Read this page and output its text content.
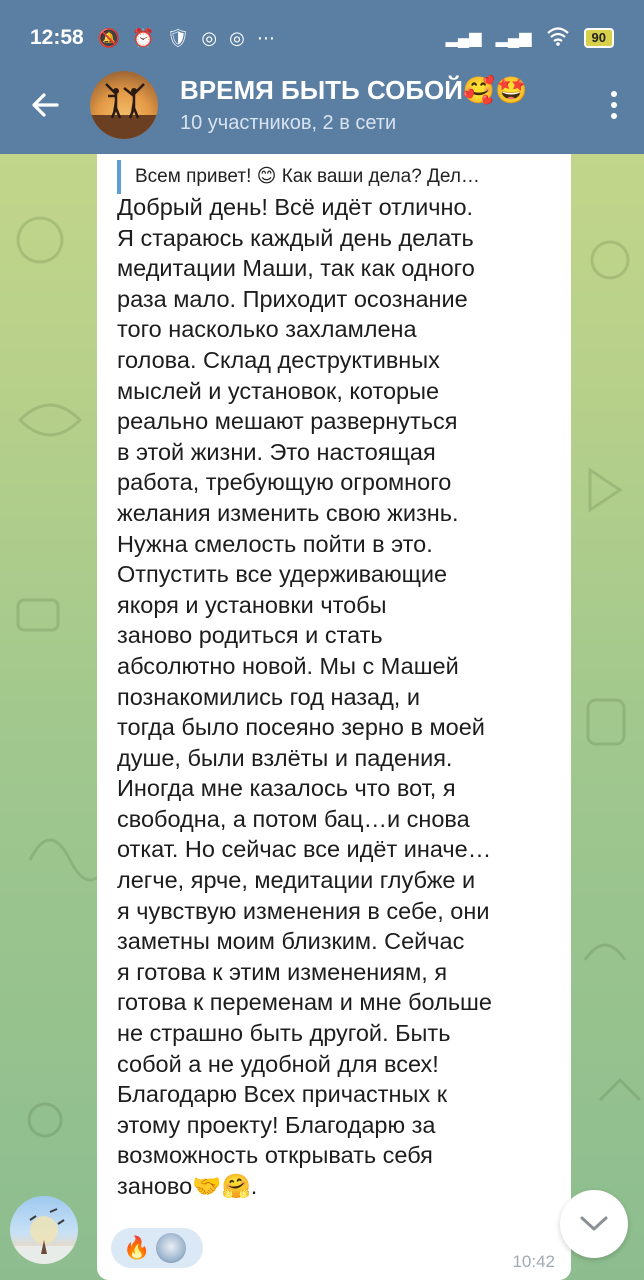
12:58 🔕 ⏰ 🛡 ◎ ◎ ⋯	▂▄▆ ▂▄▆	90
ВРЕМЯ БЫТЬ СОБОЙ🥰🤩
10 участников, 2 в сети
Всем привет! 😊 Как ваши дела? Дел…
Добрый день! Всё идёт отлично.
Я стараюсь каждый день делать
медитации Маши, так как одного
раза мало. Приходит осознание
того насколько захламлена
голова. Склад деструктивных
мыслей и установок, которые
реально мешают развернуться
в этой жизни. Это настоящая
работа, требующую огромного
желания изменить свою жизнь.
Нужна смелость пойти в это.
Отпустить все удерживающие
якоря и установки чтобы
заново родиться и стать
абсолютно новой. Мы с Машей
познакомились год назад, и
тогда было посеяно зерно в моей
душе, были взлёты и падения.
Иногда мне казалось что вот, я
свободна, а потом бац…и снова
откат. Но сейчас все идёт иначе…
легче, ярче, медитации глубже и
я чувствую изменения в себе, они
заметны моим близким. Сейчас
я готова к этим изменениям, я
готова к переменам и мне больше
не страшно быть другой. Быть
собой а не удобной для всех!
Благодарю Всех причастных к
этому проекту! Благодарю за
возможность открывать себя
заново🤝🤗.
🔥
10:42
